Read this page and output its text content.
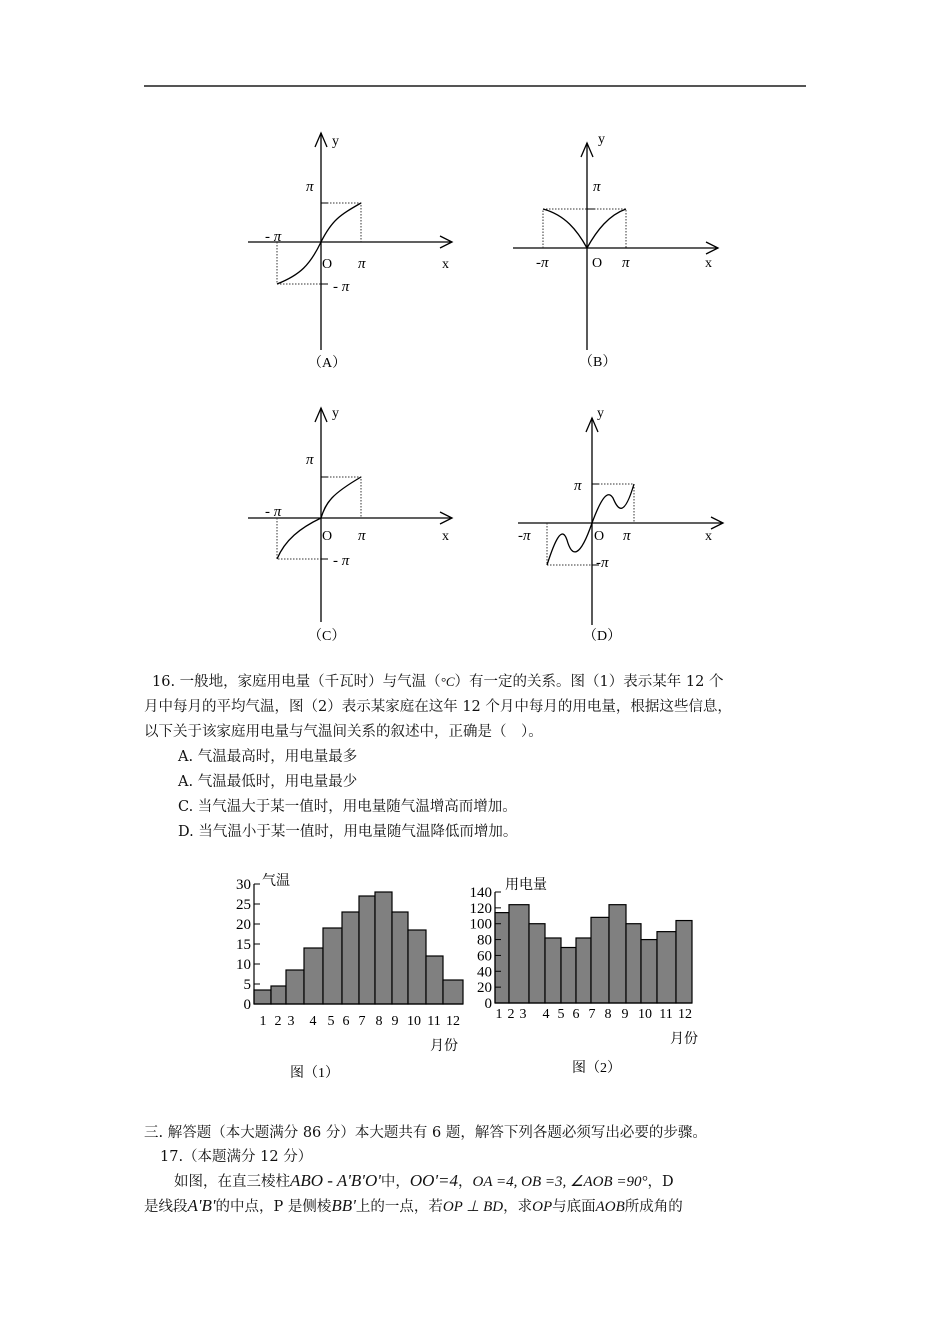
y
x
O
π
π
- π
- π
（A）
y
x
O
π
π
-π
（B）
y
x
O
π
π
- π
- π
（C）
y
x
O
π
π
-π
-π
（D）
16. 一般地，家庭用电量（千瓦时）与气温（°C）有一定的关系。图（1）表示某年 12 个
月中每月的平均气温，图（2）表示某家庭在这年 12 个月中每月的用电量，根据这些信息，
以下关于该家庭用电量与气温间关系的叙述中，正确是（　）。
A. 气温最高时，用电量最多
A. 气温最低时，用电量最少
C. 当气温大于某一值时，用电量随气温增高而增加。
D. 当气温小于某一值时，用电量随气温降低而增加。
0
5
10
15
20
25
30 气温
1 2 3 4 5 6 7 8 9 10 11 12
月份
图（1）
0
20
40
60
80
100
120
140 用电量
1 2 3 4 5 6 7 8 9 10 11 12
月份
图（2）
三. 解答题（本大题满分 86 分）本大题共有 6 题，解答下列各题必须写出必要的步骤。
17.（本题满分 12 分）
如图，在直三棱柱ABO - A'B'O'中，OO'=4，OA =4, OB =3, ∠AOB =90°，D
是线段A'B'的中点，P 是侧棱BB'上的一点，若OP ⊥ BD，求OP与底面AOB所成角的
